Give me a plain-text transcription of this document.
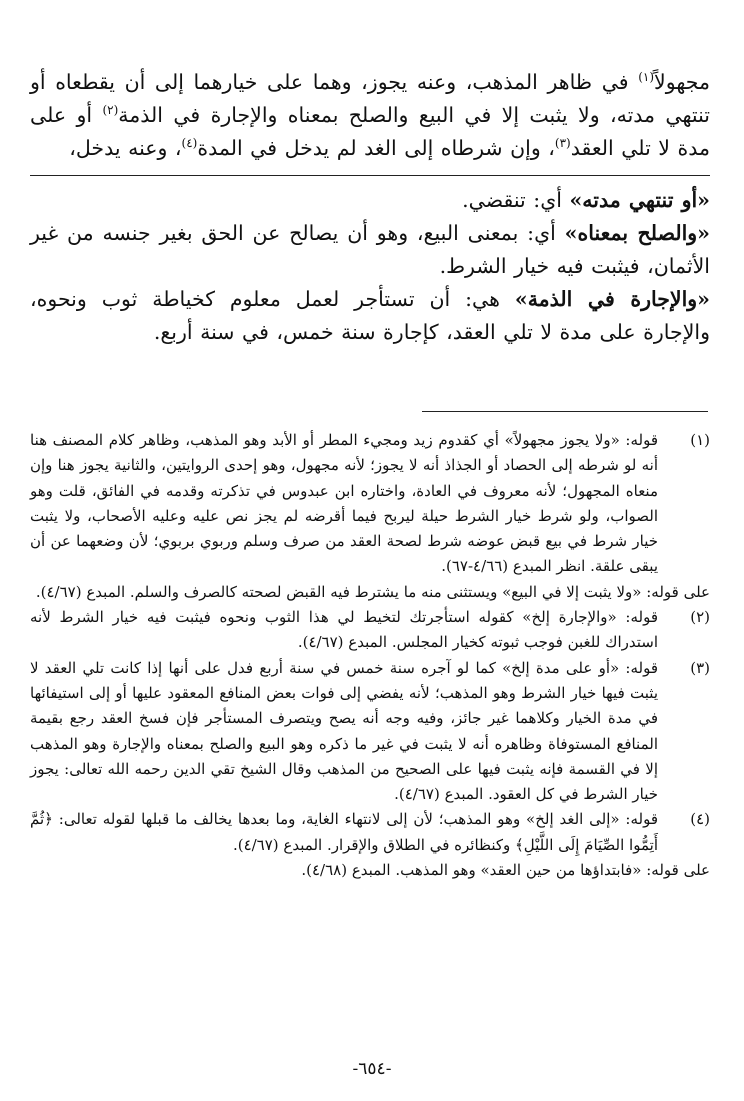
مجهولاً$^{(١)}$ في ظاهر المذهب، وعنه يجوز، وهما على خيارهما إلى أن يقطعاه أو تنتهي مدته، ولا يثبت إلا في البيع والصلح بمعناه والإجارة في الذمة$^{(٢)}$ أو على مدة لا تلي العقد$^{(٣)}$، وإن شرطاه إلى الغد لم يدخل في المدة$^{(٤)}$، وعنه يدخل،

«أو تنتهي مدته» أي: تنقضي.

«والصلح بمعناه» أي: بمعنى البيع، وهو أن يصالح عن الحق بغير جنسه من غير الأثمان، فيثبت فيه خيار الشرط.

«والإجارة في الذمة» هي: أن تستأجر لعمل معلوم كخياطة ثوب ونحوه، والإجارة على مدة لا تلي العقد، كإجارة سنة خمس، في سنة أربع.

(١)قوله: «ولا يجوز مجهولاً» أي كقدوم زيد ومجيء المطر أو الأبد وهو المذهب، وظاهر كلام المصنف هنا أنه لو شرطه إلى الحصاد أو الجذاذ أنه لا يجوز؛ لأنه مجهول، وهو إحدى الروايتين، والثانية يجوز هنا وإن منعاه المجهول؛ لأنه معروف في العادة، واختاره ابن عبدوس في تذكرته وقدمه في الفائق، قلت وهو الصواب، ولو شرط خيار الشرط حيلة ليربح فيما أقرضه لم يجز نص عليه وعليه الأصحاب، ولا يثبت خيار شرط في بيع قبض عوضه شرط لصحة العقد من صرف وسلم وربوي بربوي؛ لأن وضعهما عن أن يبقى علقة. انظر المبدع (٤/٦٦-٦٧).

على قوله: «ولا يثبت إلا في البيع» ويستثنى منه ما يشترط فيه القبض لصحته كالصرف والسلم. المبدع (٤/٦٧).

(٢)قوله: «والإجارة إلخ» كقوله استأجرتك لتخيط لي هذا الثوب ونحوه فيثبت فيه خيار الشرط لأنه استدراك للغبن فوجب ثبوته كخيار المجلس. المبدع (٤/٦٧).

(٣)قوله: «أو على مدة إلخ» كما لو آجره سنة خمس في سنة أربع فدل على أنها إذا كانت تلي العقد لا يثبت فيها خيار الشرط وهو المذهب؛ لأنه يفضي إلى فوات بعض المنافع المعقود عليها أو إلى استيفائها في مدة الخيار وكلاهما غير جائز، وفيه وجه أنه يصح ويتصرف المستأجر فإن فسخ العقد رجع بقيمة المنافع المستوفاة وظاهره أنه لا يثبت في غير ما ذكره وهو البيع والصلح بمعناه والإجارة وهو المذهب إلا في القسمة فإنه يثبت فيها على الصحيح من المذهب وقال الشيخ تقي الدين رحمه الله تعالى: يجوز خيار الشرط في كل العقود. المبدع (٤/٦٧).

(٤)قوله: «إلى الغد إلخ» وهو المذهب؛ لأن إلى لانتهاء الغاية، وما بعدها يخالف ما قبلها لقوله تعالى: ﴿ثُمَّ أَتِمُّوا الصِّيَامَ إِلَى اللَّيْلِ﴾ وكنظائره في الطلاق والإقرار. المبدع (٤/٦٧).

على قوله: «فابتداؤها من حين العقد» وهو المذهب. المبدع (٤/٦٨).

-٦٥٤-
